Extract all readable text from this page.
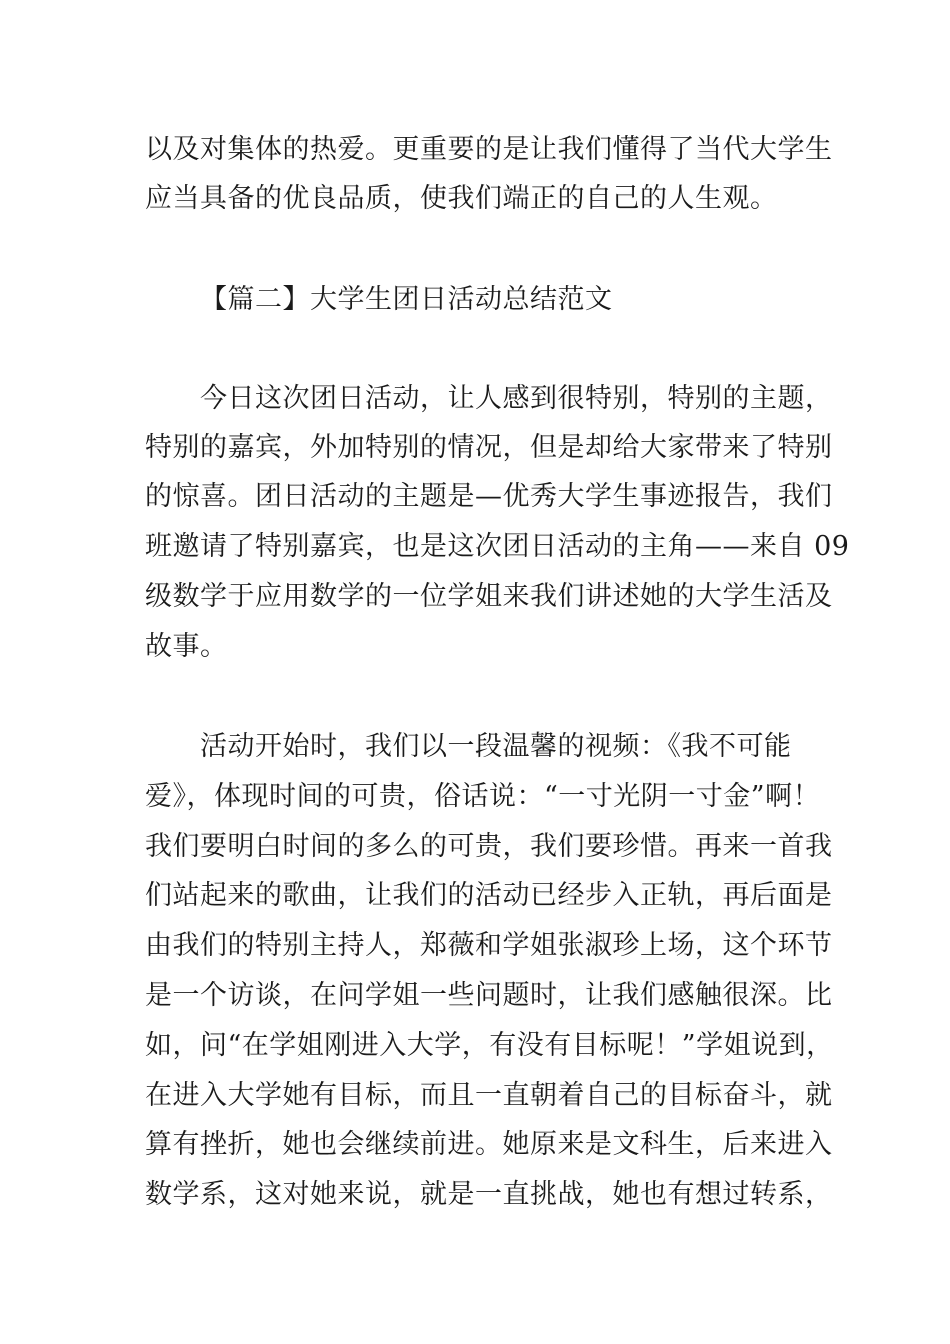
以及对集体的热爱。更重要的是让我们懂得了当代大学生
应当具备的优良品质，使我们端正的自己的人生观。
【篇二】大学生团日活动总结范文
今日这次团日活动，让人感到很特别，特别的主题，
特别的嘉宾，外加特别的情况，但是却给大家带来了特别
的惊喜。团日活动的主题是—优秀大学生事迹报告，我们
班邀请了特别嘉宾，也是这次团日活动的主角——来自 09
级数学于应用数学的一位学姐来我们讲述她的大学生活及
故事。
活动开始时，我们以一段温馨的视频：《我不可能
爱》，体现时间的可贵，俗话说：“一寸光阴一寸金”啊！
我们要明白时间的多么的可贵，我们要珍惜。再来一首我
们站起来的歌曲，让我们的活动已经步入正轨，再后面是
由我们的特别主持人，郑薇和学姐张淑珍上场，这个环节
是一个访谈，在问学姐一些问题时，让我们感触很深。比
如，问“在学姐刚进入大学，有没有目标呢！”学姐说到，
在进入大学她有目标，而且一直朝着自己的目标奋斗，就
算有挫折，她也会继续前进。她原来是文科生，后来进入
数学系，这对她来说，就是一直挑战，她也有想过转系，
